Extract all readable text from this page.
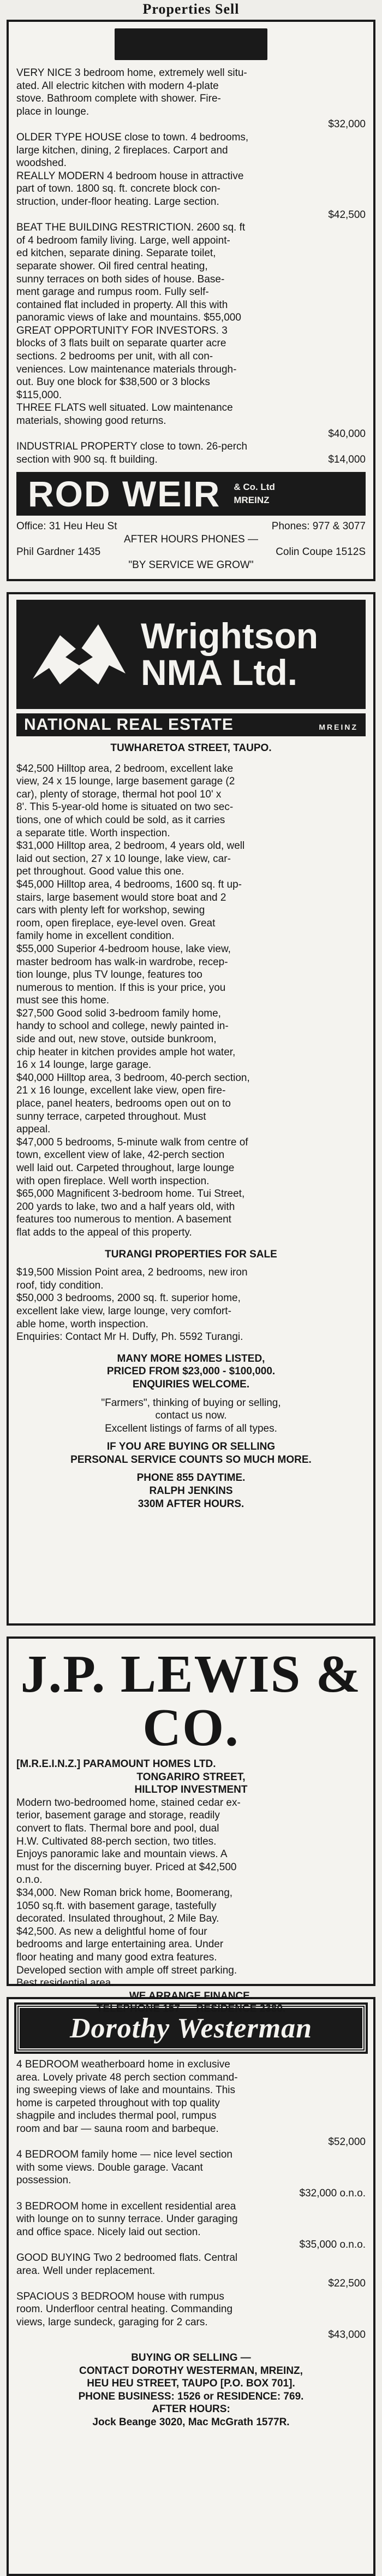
Properties Sell

VERY NICE 3 bedroom home, extremely well situ-

ated. All electric kitchen with modern 4-plate

stove. Bathroom complete with shower. Fire-

place in lounge.

$32,000

OLDER TYPE HOUSE close to town. 4 bedrooms,

large kitchen, dining, 2 fireplaces. Carport and

woodshed.

REALLY MODERN 4 bedroom house in attractive

part of town. 1800 sq. ft. concrete block con-

struction, under-floor heating. Large section.

$42,500

BEAT THE BUILDING RESTRICTION. 2600 sq. ft

of 4 bedroom family living. Large, well appoint-

ed kitchen, separate dining. Separate toilet,

separate shower. Oil fired central heating,

sunny terraces on both sides of house. Base-

ment garage and rumpus room. Fully self-

contained flat included in property. All this with

panoramic views of lake and mountains. $55,000

GREAT OPPORTUNITY FOR INVESTORS. 3

blocks of 3 flats built on separate quarter acre

sections. 2 bedrooms per unit, with all con-

veniences. Low maintenance materials through-

out. Buy one block for $38,500 or 3 blocks

$115,000.

THREE FLATS well situated. Low maintenance

materials, showing good returns.

$40,000

INDUSTRIAL PROPERTY close to town. 26-perch

section with 900 sq. ft building.	$14,000
ROD WEIR & Co. Ltd
MREINZ
Office: 31 Heu Heu St	Phones: 977 & 3077

AFTER HOURS PHONES —

Phil Gardner 1435	Colin Coupe 1512S

"BY SERVICE WE GROW"

Wrightson
NMA Ltd.
NATIONAL REAL ESTATE	MREINZ

TUWHARETOA STREET, TAUPO.

$42,500 Hilltop area, 2 bedroom, excellent lake

view, 24 x 15 lounge, large basement garage (2

car), plenty of storage, thermal hot pool 10' x

8'. This 5-year-old home is situated on two sec-

tions, one of which could be sold, as it carries

a separate title. Worth inspection.

$31,000 Hilltop area, 2 bedroom, 4 years old, well

laid out section, 27 x 10 lounge, lake view, car-

pet throughout. Good value this one.

$45,000 Hilltop area, 4 bedrooms, 1600 sq. ft up-

stairs, large basement would store boat and 2

cars with plenty left for workshop, sewing

room, open fireplace, eye-level oven. Great

family home in excellent condition.

$55,000 Superior 4-bedroom house, lake view,

master bedroom has walk-in wardrobe, recep-

tion lounge, plus TV lounge, features too

numerous to mention. If this is your price, you

must see this home.

$27,500 Good solid 3-bedroom family home,

handy to school and college, newly painted in-

side and out, new stove, outside bunkroom,

chip heater in kitchen provides ample hot water,

16 x 14 lounge, large garage.

$40,000 Hilltop area, 3 bedroom, 40-perch section,

21 x 16 lounge, excellent lake view, open fire-

place, panel heaters, bedrooms open out on to

sunny terrace, carpeted throughout. Must

appeal.

$47,000 5 bedrooms, 5-minute walk from centre of

town, excellent view of lake, 42-perch section

well laid out. Carpeted throughout, large lounge

with open fireplace. Well worth inspection.

$65,000 Magnificent 3-bedroom home. Tui Street,

200 yards to lake, two and a half years old, with

features too numerous to mention. A basement

flat adds to the appeal of this property.

TURANGI PROPERTIES FOR SALE

$19,500 Mission Point area, 2 bedrooms, new iron

roof, tidy condition.

$50,000 3 bedrooms, 2000 sq. ft. superior home,

excellent lake view, large lounge, very comfort-

able home, worth inspection.

Enquiries: Contact Mr H. Duffy, Ph. 5592 Turangi.

MANY MORE HOMES LISTED,

PRICED FROM $23,000 - $100,000.

ENQUIRIES WELCOME.

"Farmers", thinking of buying or selling,

contact us now.

Excellent listings of farms of all types.

IF YOU ARE BUYING OR SELLING

PERSONAL SERVICE COUNTS SO MUCH MORE.

PHONE 855 DAYTIME.

RALPH JENKINS

330M AFTER HOURS.

J.P. LEWIS & CO.

[M.R.E.I.N.Z.] PARAMOUNT HOMES LTD.

TONGARIRO STREET,

HILLTOP INVESTMENT

Modern two-bedroomed home, stained cedar ex-

terior, basement garage and storage, readily

convert to flats. Thermal bore and pool, dual

H.W. Cultivated 88-perch section, two titles.

Enjoys panoramic lake and mountain views. A

must for the discerning buyer. Priced at $42,500

o.n.o.

$34,000. New Roman brick home, Boomerang,

1050 sq.ft. with basement garage, tastefully

decorated. Insulated throughout, 2 Mile Bay.

$42,500. As new a delightful home of four

bedrooms and large entertaining area. Under

floor heating and many good extra features.

Developed section with ample off street parking.

Best residential area.

WE ARRANGE FINANCE.

TELEPHONE 157 — RESIDENCE 2380.

Dorothy Westerman

4 BEDROOM weatherboard home in exclusive

area. Lovely private 48 perch section command-

ing sweeping views of lake and mountains. This

home is carpeted throughout with top quality

shagpile and includes thermal pool, rumpus

room and bar — sauna room and barbeque.

$52,000

4 BEDROOM family home — nice level section

with some views. Double garage. Vacant

possession.

$32,000 o.n.o.

3 BEDROOM home in excellent residential area

with lounge on to sunny terrace. Under garaging

and office space. Nicely laid out section.

$35,000 o.n.o.

GOOD BUYING Two 2 bedroomed flats. Central

area. Well under replacement.

$22,500

SPACIOUS 3 BEDROOM house with rumpus

room. Underfloor central heating. Commanding

views, large sundeck, garaging for 2 cars.

$43,000

BUYING OR SELLING —

CONTACT DOROTHY WESTERMAN, MREINZ,

HEU HEU STREET, TAUPO [P.O. BOX 701].

PHONE BUSINESS: 1526 or RESIDENCE: 769.

AFTER HOURS:

Jock Beange 3020, Mac McGrath 1577R.
